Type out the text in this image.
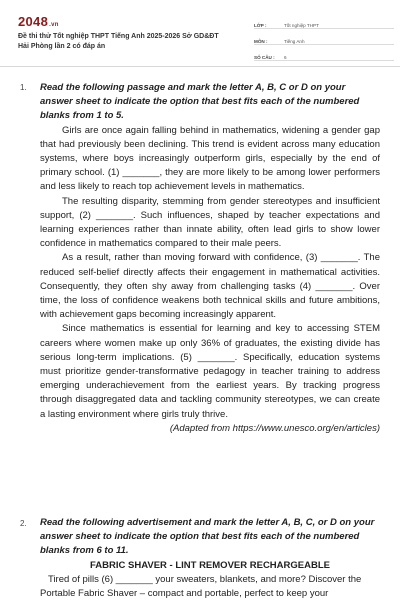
2048.vn
Đề thi thử Tốt nghiệp THPT Tiếng Anh 2025-2026 Sở GD&ĐT Hải Phòng lần 2 có đáp án
LỚP :	Tốt nghiệp THPT
MÔN :	Tiếng Anh
SỐ CÂU :	6
1. Read the following passage and mark the letter A, B, C or D on your answer sheet to indicate the option that best fits each of the numbered blanks from 1 to 5.

Girls are once again falling behind in mathematics, widening a gender gap that had previously been declining. This trend is evident across many education systems, where boys increasingly outperform girls, especially by the end of primary school. (1) _______, they are more likely to be among lower performers and less likely to reach top achievement levels in mathematics.

The resulting disparity, stemming from gender stereotypes and insufficient support, (2) _______. Such influences, shaped by teacher expectations and learning experiences rather than innate ability, often lead girls to show lower confidence in mathematics compared to their male peers.

As a result, rather than moving forward with confidence, (3) _______. The reduced self-belief directly affects their engagement in mathematical activities. Consequently, they often shy away from challenging tasks (4) _______. Over time, the loss of confidence weakens both technical skills and future ambitions, with achievement gaps becoming increasingly apparent.

Since mathematics is essential for learning and key to accessing STEM careers where women make up only 36% of graduates, the existing divide has serious long-term implications. (5) _______. Specifically, education systems must prioritize gender-transformative pedagogy in teacher training to address emerging underachievement from the earliest years. By tracking progress through disaggregated data and tackling community stereotypes, we can create a lasting environment where girls truly thrive.

(Adapted from https://www.unesco.org/en/articles)

2. Read the following advertisement and mark the letter A, B, C, or D on your answer sheet to indicate the option that best fits each of the numbered blanks from 6 to 11.

FABRIC SHAVER - LINT REMOVER RECHARGEABLE

Tired of pills (6) _______ your sweaters, blankets, and more? Discover the

Portable Fabric Shaver – compact and portable, perfect to keep your
